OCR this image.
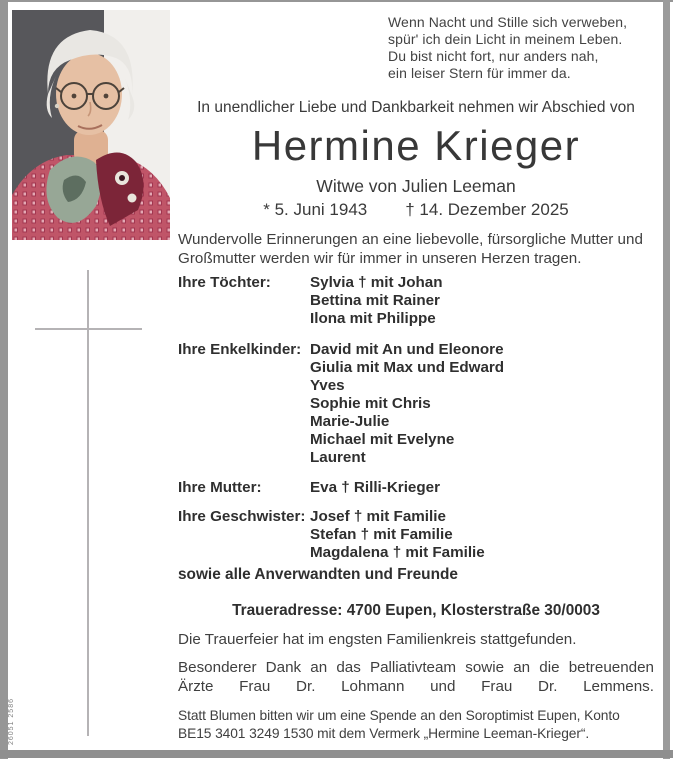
26051 2586
Wenn Nacht und Stille sich verweben,
spür' ich dein Licht in meinem Leben.
Du bist nicht fort, nur anders nah,
ein leiser Stern für immer da.
In unendlicher Liebe und Dankbarkeit nehmen wir Abschied von
Hermine Krieger
Witwe von Julien Leeman
* 5. Juni 1943 † 14. Dezember 2025
Wundervolle Erinnerungen an eine liebevolle, fürsorgliche Mutter und Großmutter werden wir für immer in unseren Herzen tragen.
Ihre Töchter:	Sylvia † mit Johan
Bettina mit Rainer
Ilona mit Philippe
Ihre Enkelkinder: David mit An und Eleonore
Giulia mit Max und Edward
Yves
Sophie mit Chris
Marie-Julie
Michael mit Evelyne
Laurent
Ihre Mutter:	Eva † Rilli-Krieger
Ihre Geschwister: Josef † mit Familie
Stefan † mit Familie
Magdalena † mit Familie
sowie alle Anverwandten und Freunde
Traueradresse: 4700 Eupen, Klosterstraße 30/0003
Die Trauerfeier hat im engsten Familienkreis stattgefunden.
Besonderer Dank an das Palliativteam sowie an die betreuenden Ärzte Frau Dr. Lohmann und Frau Dr. Lemmens.
Statt Blumen bitten wir um eine Spende an den Soroptimist Eupen, Konto BE15 3401 3249 1530 mit dem Vermerk „Hermine Leeman-Krieger“.
